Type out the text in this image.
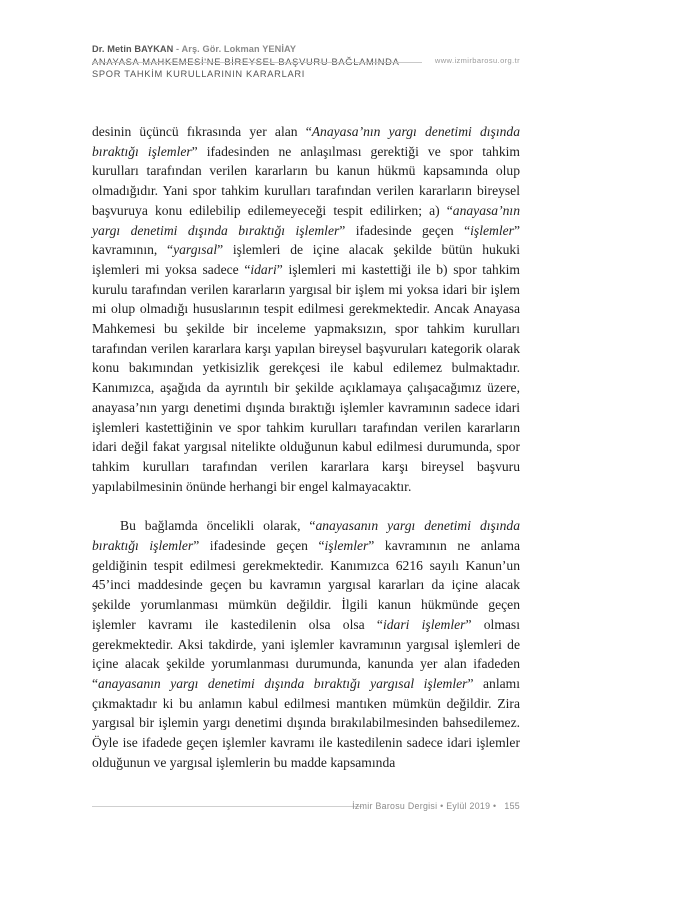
Dr. Metin BAYKAN - Arş. Gör. Lokman YENİAY
ANAYASA MAHKEMESİ'NE BİREYSEL BAŞVURU BAĞLAMINDA
SPOR TAHKİM KURULLARININ KARARLARI
www.izmirbarosu.org.tr

desinin üçüncü fıkrasında yer alan “Anayasa’nın yargı denetimi dışında bıraktığı işlemler” ifadesinden ne anlaşılması gerektiği ve spor tahkim kurulları tarafından verilen kararların bu kanun hükmü kapsamında olup olmadığıdır. Yani spor tahkim kurulları tarafından verilen kararların bireysel başvuruya konu edilebilip edilemeyeceği tespit edilirken; a) “anayasa’nın yargı denetimi dışında bıraktığı işlemler” ifadesinde geçen “işlemler” kavramının, “yargısal” işlemleri de içine alacak şekilde bütün hukuki işlemleri mi yoksa sadece “idari” işlemleri mi kastettiği ile b) spor tahkim kurulu tarafından verilen kararların yargısal bir işlem mi yoksa idari bir işlem mi olup olmadığı hususlarının tespit edilmesi gerekmektedir. Ancak Anayasa Mahkemesi bu şekilde bir inceleme yapmaksızın, spor tahkim kurulları tarafından verilen kararlara karşı yapılan bireysel başvuruları kategorik olarak konu bakımından yetkisizlik gerekçesi ile kabul edilemez bulmaktadır. Kanımızca, aşağıda da ayrıntılı bir şekilde açıklamaya çalışacağımız üzere, anayasa’nın yargı denetimi dışında bıraktığı işlemler kavramının sadece idari işlemleri kastettiğinin ve spor tahkim kurulları tarafından verilen kararların idari değil fakat yargısal nitelikte olduğunun kabul edilmesi durumunda, spor tahkim kurulları tarafından verilen kararlara karşı bireysel başvuru yapılabilmesinin önünde herhangi bir engel kalmayacaktır.

Bu bağlamda öncelikli olarak, “anayasanın yargı denetimi dışında bıraktığı işlemler” ifadesinde geçen “işlemler” kavramının ne anlama geldiğinin tespit edilmesi gerekmektedir. Kanımızca 6216 sayılı Kanun’un 45’inci maddesinde geçen bu kavramın yargısal kararları da içine alacak şekilde yorumlanması mümkün değildir. İlgili kanun hükmünde geçen işlemler kavramı ile kastedilenin olsa olsa “idari işlemler” olması gerekmektedir. Aksi takdirde, yani işlemler kavramının yargısal işlemleri de içine alacak şekilde yorumlanması durumunda, kanunda yer alan ifadeden “anayasanın yargı denetimi dışında bıraktığı yargısal işlemler” anlamı çıkmaktadır ki bu anlamın kabul edilmesi mantıken mümkün değildir. Zira yargısal bir işlemin yargı denetimi dışında bırakılabilmesinden bahsedilemez. Öyle ise ifadede geçen işlemler kavramı ile kastedilenin sadece idari işlemler olduğunun ve yargısal işlemlerin bu madde kapsamında

İzmir Barosu Dergisi • Eylül 2019 • 155
